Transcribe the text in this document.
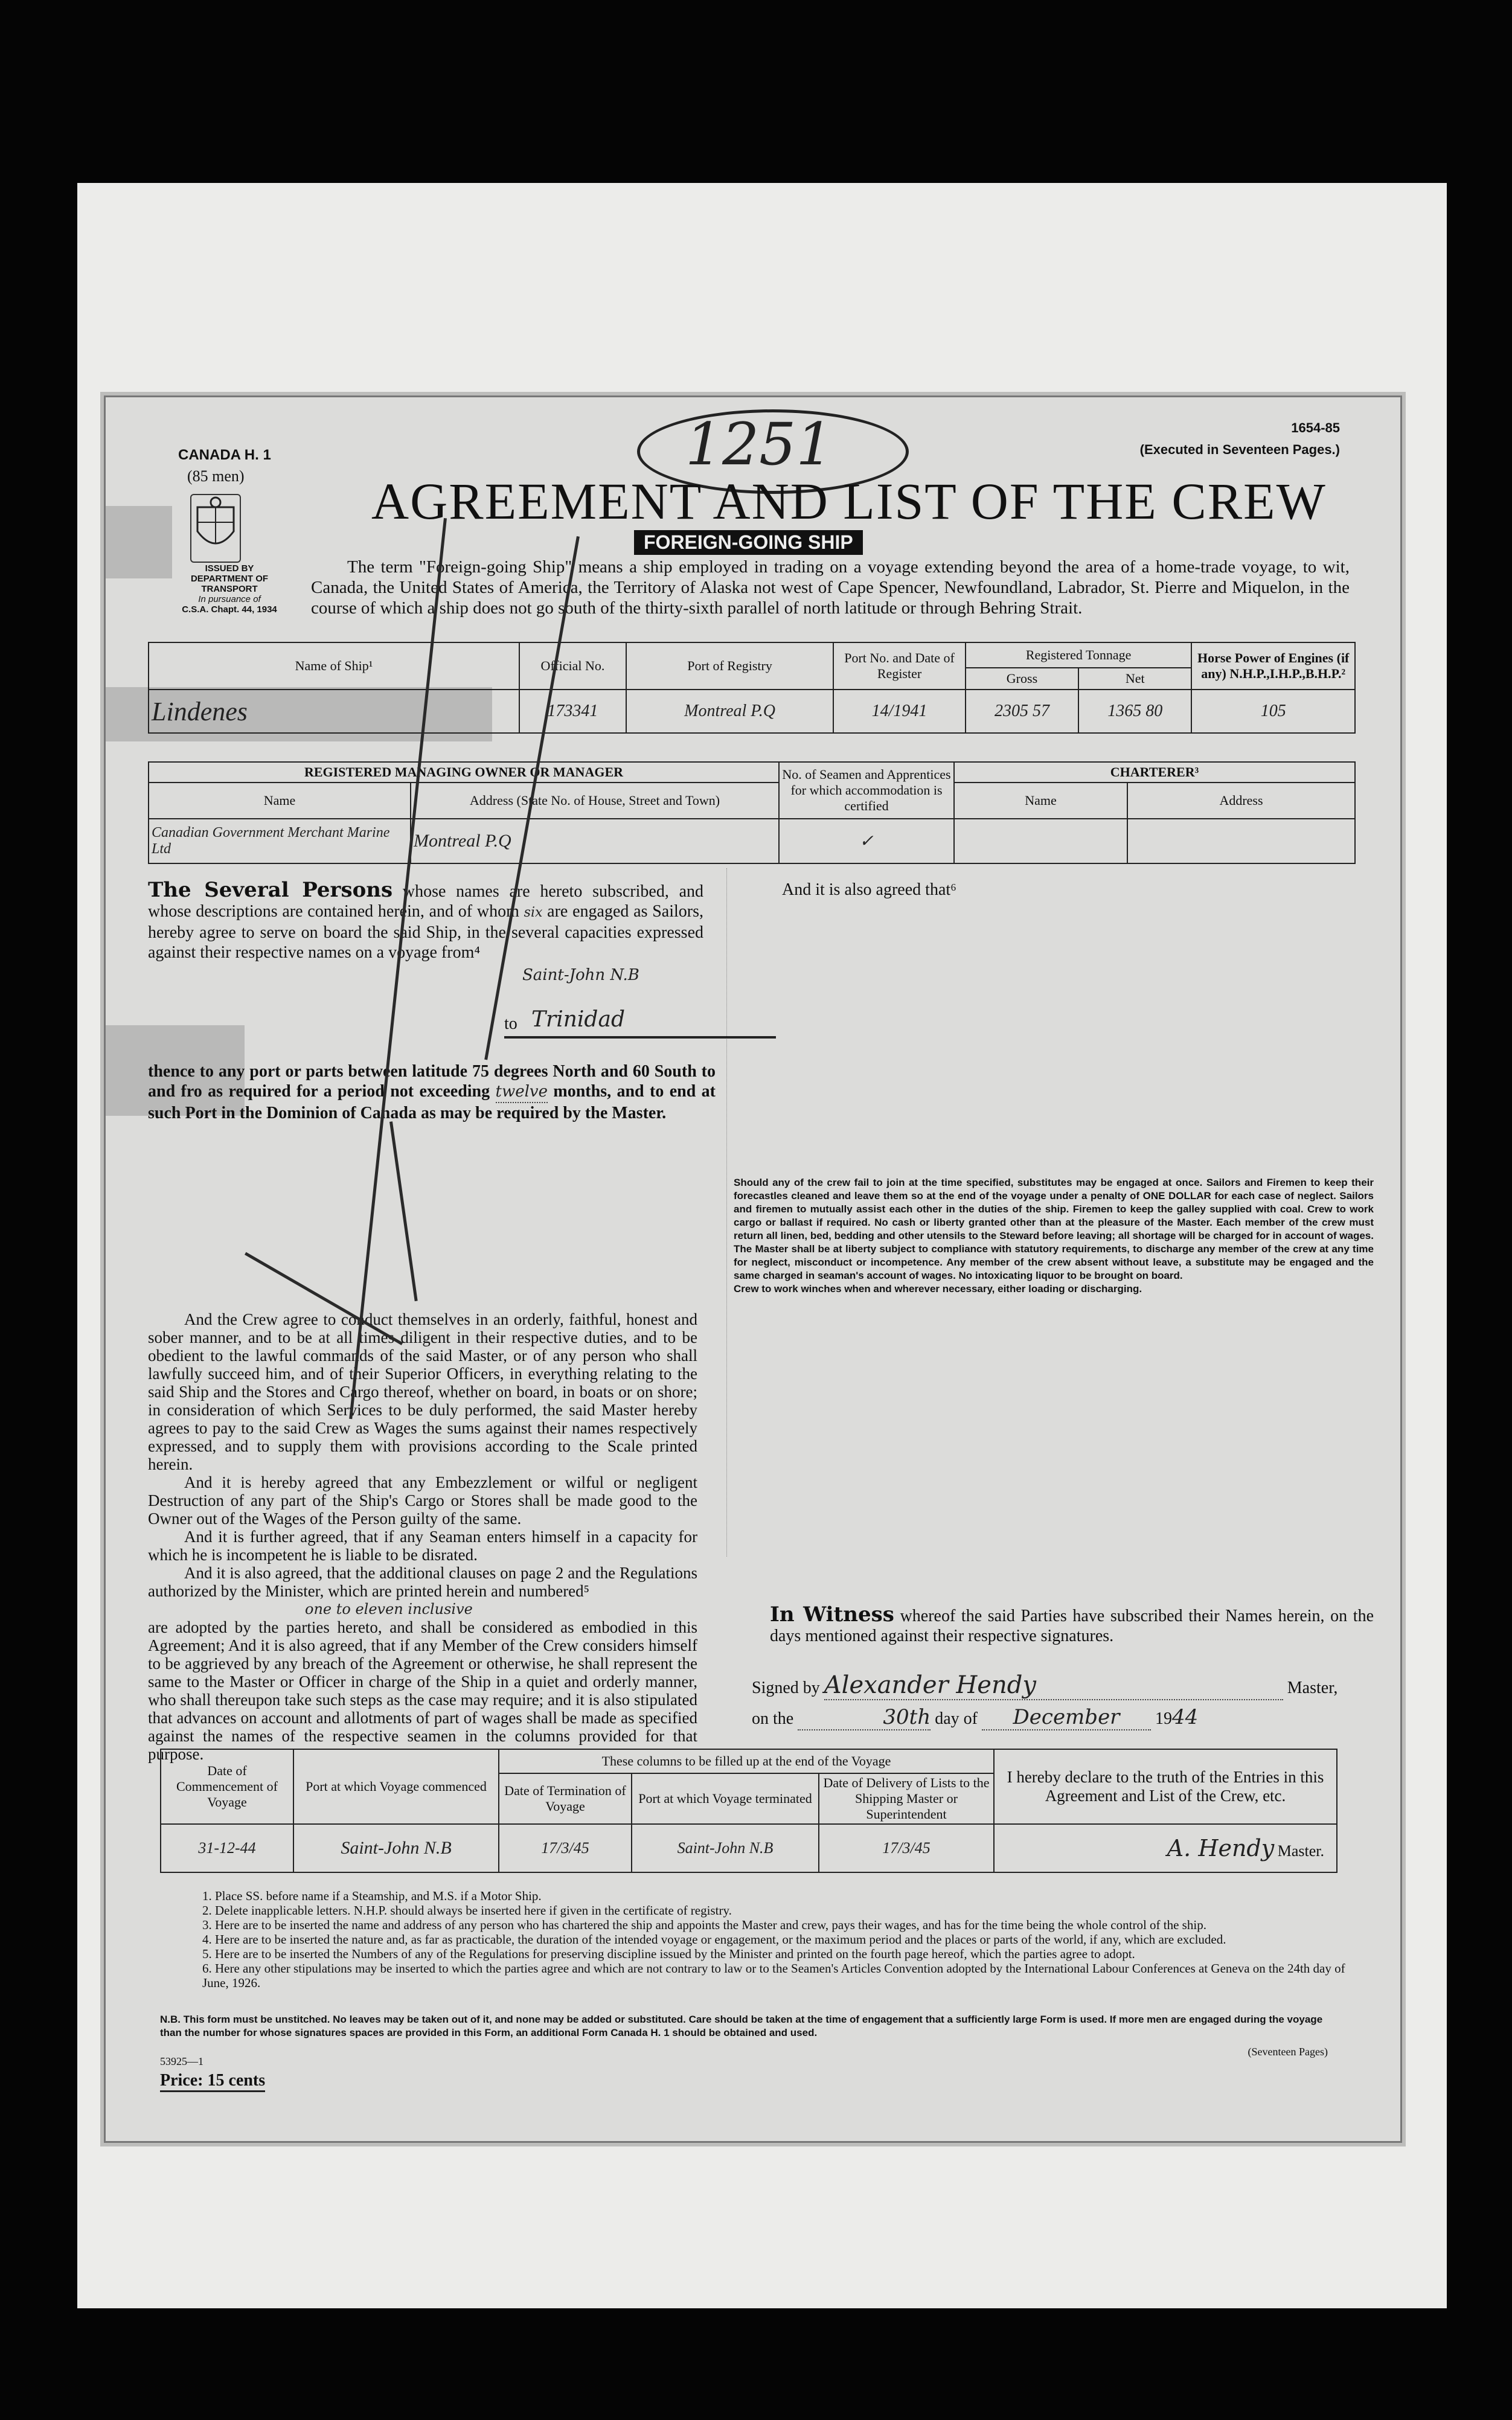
CANADA H. 1
(85 men)
ISSUED BY
DEPARTMENT OF TRANSPORT
In pursuance of
C.S.A. Chapt. 44, 1934
1654-85
(Executed in Seventeen Pages.)
1251
AGREEMENT AND LIST OF THE CREW
FOREIGN-GOING SHIP
The term "Foreign-going Ship" means a ship employed in trading on a voyage extending beyond the area of a home-trade voyage, to wit, Canada, the United States of America, the Territory of Alaska not west of Cape Spencer, Newfoundland, Labrador, St. Pierre and Miquelon, in the course of which a ship does not go south of the thirty-sixth parallel of north latitude or through Behring Strait.
Name of Ship¹	Official No.	Port of Registry	Port No. and Date of Register	Registered Tonnage		Horse Power of Engines (if any) N.H.P.,I.H.P.,B.H.P.²
				Gross	Net	
Lindenes	173341	Montreal P.Q	14/1941	2305 57	1365 80	105
REGISTERED MANAGING OWNER OR MANAGER		No. of Seamen and Apprentices for which accommodation is certified	CHARTERER³	
Name	Address (State No. of House, Street and Town)		Name	Address
Canadian Government Merchant Marine Ltd	Montreal P.Q	✓		
The Several Persons whose names are hereto subscribed, and whose descriptions are contained herein, and of whom six are engaged as Sailors, hereby agree to serve on board the said Ship, in the several capacities expressed against their respective names on a voyage from⁴
Saint-John N.B
to Trinidad
thence to any port or parts between latitude 75 degrees North and 60 South to and fro as required for a period not exceeding twelve months, and to end at such Port in the Dominion of Canada as may be required by the Master.
And the Crew agree to conduct themselves in an orderly, faithful, honest and sober manner, and to be at all times diligent in their respective duties, and to be obedient to the lawful commands of the said Master, or of any person who shall lawfully succeed him, and of their Superior Officers, in everything relating to the said Ship and the Stores and Cargo thereof, whether on board, in boats or on shore; in consideration of which Services to be duly performed, the said Master hereby agrees to pay to the said Crew as Wages the sums against their names respectively expressed, and to supply them with provisions according to the Scale printed herein.
And it is hereby agreed that any Embezzlement or wilful or negligent Destruction of any part of the Ship's Cargo or Stores shall be made good to the Owner out of the Wages of the Person guilty of the same.
And it is further agreed, that if any Seaman enters himself in a capacity for which he is incompetent he is liable to be disrated.
And it is also agreed, that the additional clauses on page 2 and the Regulations authorized by the Minister, which are printed herein and numbered⁵
one to eleven inclusive
are adopted by the parties hereto, and shall be considered as embodied in this Agreement; And it is also agreed, that if any Member of the Crew considers himself to be aggrieved by any breach of the Agreement or otherwise, he shall represent the same to the Master or Officer in charge of the Ship in a quiet and orderly manner, who shall thereupon take such steps as the case may require; and it is also stipulated that advances on account and allotments of part of wages shall be made as specified against the names of the respective seamen in the columns provided for that purpose.
And it is also agreed that⁶
Should any of the crew fail to join at the time specified, substitutes may be engaged at once. Sailors and Firemen to keep their forecastles cleaned and leave them so at the end of the voyage under a penalty of ONE DOLLAR for each case of neglect. Sailors and firemen to mutually assist each other in the duties of the ship. Firemen to keep the galley supplied with coal. Crew to work cargo or ballast if required. No cash or liberty granted other than at the pleasure of the Master. Each member of the crew must return all linen, bed, bedding and other utensils to the Steward before leaving; all shortage will be charged for in account of wages. The Master shall be at liberty subject to compliance with statutory requirements, to discharge any member of the crew at any time for neglect, misconduct or incompetence. Any member of the crew absent without leave, a substitute may be engaged and the same charged in seaman's account of wages. No intoxicating liquor to be brought on board.
Crew to work winches when and wherever necessary, either loading or discharging.
In Witness whereof the said Parties have subscribed their Names herein, on the days mentioned against their respective signatures.
Signed by Alexander Hendy	Master,
on the	30th day of December 1944
Date of Commencement of Voyage	Port at which Voyage commenced	These columns to be filled up at the end of the Voyage			I hereby declare to the truth of the Entries in this Agreement and List of the Crew, etc.
		Date of Termination of Voyage	Port at which Voyage terminated	Date of Delivery of Lists to the Shipping Master or Superintendent	
31-12-44	Saint-John N.B	17/3/45	Saint-John N.B	17/3/45	A. Hendy Master.
1. Place SS. before name if a Steamship, and M.S. if a Motor Ship.
2. Delete inapplicable letters. N.H.P. should always be inserted here if given in the certificate of registry.
3. Here are to be inserted the name and address of any person who has chartered the ship and appoints the Master and crew, pays their wages, and has for the time being the whole control of the ship.
4. Here are to be inserted the nature and, as far as practicable, the duration of the intended voyage or engagement, or the maximum period and the places or parts of the world, if any, which are excluded.
5. Here are to be inserted the Numbers of any of the Regulations for preserving discipline issued by the Minister and printed on the fourth page hereof, which the parties agree to adopt.
6. Here any other stipulations may be inserted to which the parties agree and which are not contrary to law or to the Seamen's Articles Convention adopted by the International Labour Conferences at Geneva on the 24th day of June, 1926.
N.B. This form must be unstitched. No leaves may be taken out of it, and none may be added or substituted. Care should be taken at the time of engagement that a sufficiently large Form is used. If more men are engaged during the voyage than the number for whose signatures spaces are provided in this Form, an additional Form Canada H. 1 should be obtained and used.
53925—1
(Seventeen Pages)
Price: 15 cents
